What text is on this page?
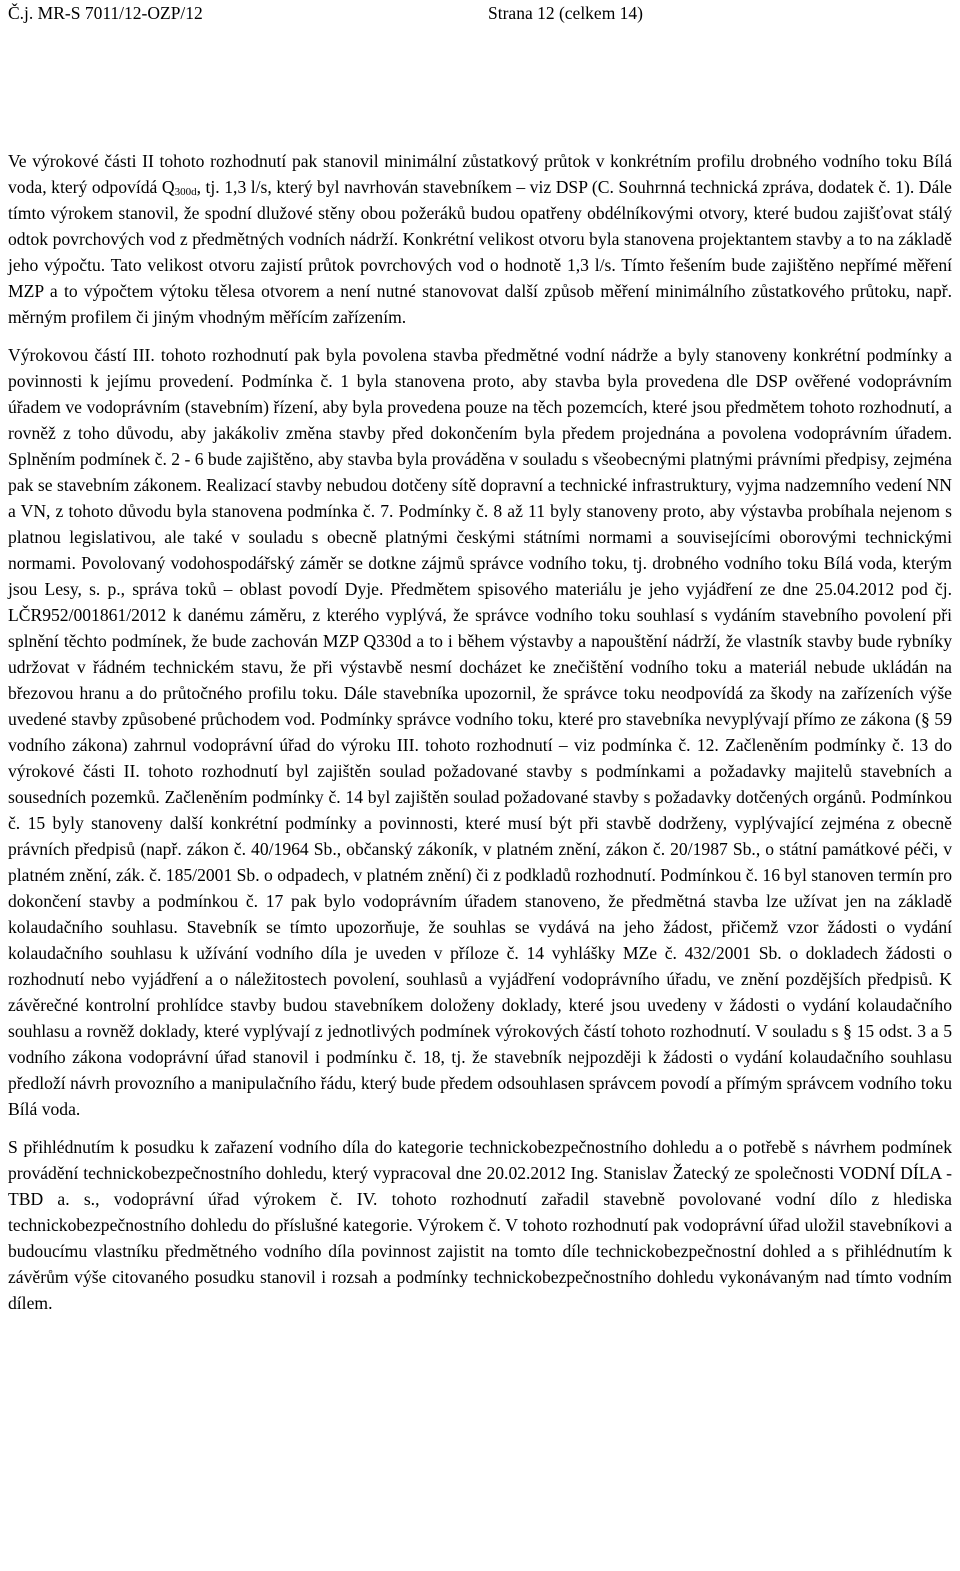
Č.j. MR-S 7011/12-OZP/12	Strana 12 (celkem 14)

Ve výrokové části II tohoto rozhodnutí pak stanovil minimální zůstatkový průtok v konkrétním profilu drobného vodního toku Bílá voda, který odpovídá $Q_{300d}$, tj. 1,3 l/s, který byl navrhován stavebníkem – viz DSP (C. Souhrnná technická zpráva, dodatek č. 1). Dále tímto výrokem stanovil, že spodní dlužové stěny obou požeráků budou opatřeny obdélníkovými otvory, které budou zajišťovat stálý odtok povrchových vod z předmětných vodních nádrží. Konkrétní velikost otvoru byla stanovena projektantem stavby a to na základě jeho výpočtu. Tato velikost otvoru zajistí průtok povrchových vod o hodnotě 1,3 l/s. Tímto řešením bude zajištěno nepřímé měření MZP a to výpočtem výtoku tělesa otvorem a není nutné stanovovat další způsob měření minimálního zůstatkového průtoku, např. měrným profilem či jiným vhodným měřícím zařízením.

Výrokovou částí III. tohoto rozhodnutí pak byla povolena stavba předmětné vodní nádrže a byly stanoveny konkrétní podmínky a povinnosti k jejímu provedení. Podmínka č. 1 byla stanovena proto, aby stavba byla provedena dle DSP ověřené vodoprávním úřadem ve vodoprávním (stavebním) řízení, aby byla provedena pouze na těch pozemcích, které jsou předmětem tohoto rozhodnutí, a rovněž z toho důvodu, aby jakákoliv změna stavby před dokončením byla předem projednána a povolena vodoprávním úřadem. Splněním podmínek č. 2 - 6 bude zajištěno, aby stavba byla prováděna v souladu s všeobecnými platnými právními předpisy, zejména pak se stavebním zákonem. Realizací stavby nebudou dotčeny sítě dopravní a technické infrastruktury, vyjma nadzemního vedení NN a VN, z tohoto důvodu byla stanovena podmínka č. 7. Podmínky č. 8 až 11 byly stanoveny proto, aby výstavba probíhala nejenom s platnou legislativou, ale také v souladu s obecně platnými českými státními normami a souvisejícími oborovými technickými normami. Povolovaný vodohospodářský záměr se dotkne zájmů správce vodního toku, tj. drobného vodního toku Bílá voda, kterým jsou Lesy, s. p., správa toků – oblast povodí Dyje. Předmětem spisového materiálu je jeho vyjádření ze dne 25.04.2012 pod čj. LČR952/001861/2012 k danému záměru, z kterého vyplývá, že správce vodního toku souhlasí s vydáním stavebního povolení při splnění těchto podmínek, že bude zachován MZP Q330d a to i během výstavby a napouštění nádrží, že vlastník stavby bude rybníky udržovat v řádném technickém stavu, že při výstavbě nesmí docházet ke znečištění vodního toku a materiál nebude ukládán na březovou hranu a do průtočného profilu toku. Dále stavebníka upozornil, že správce toku neodpovídá za škody na zařízeních výše uvedené stavby způsobené průchodem vod. Podmínky správce vodního toku, které pro stavebníka nevyplývají přímo ze zákona (§ 59 vodního zákona) zahrnul vodoprávní úřad do výroku III. tohoto rozhodnutí – viz podmínka č. 12. Začleněním podmínky č. 13 do výrokové části II. tohoto rozhodnutí byl zajištěn soulad požadované stavby s podmínkami a požadavky majitelů stavebních a sousedních pozemků. Začleněním podmínky č. 14 byl zajištěn soulad požadované stavby s požadavky dotčených orgánů. Podmínkou č. 15 byly stanoveny další konkrétní podmínky a povinnosti, které musí být při stavbě dodrženy, vyplývající zejména z obecně právních předpisů (např. zákon č. 40/1964 Sb., občanský zákoník, v platném znění, zákon č. 20/1987 Sb., o státní památkové péči, v platném znění, zák. č. 185/2001 Sb. o odpadech, v platném znění) či z podkladů rozhodnutí. Podmínkou č. 16 byl stanoven termín pro dokončení stavby a podmínkou č. 17 pak bylo vodoprávním úřadem stanoveno, že předmětná stavba lze užívat jen na základě kolaudačního souhlasu. Stavebník se tímto upozorňuje, že souhlas se vydává na jeho žádost, přičemž vzor žádosti o vydání kolaudačního souhlasu k užívání vodního díla je uveden v příloze č. 14 vyhlášky MZe č. 432/2001 Sb. o dokladech žádosti o rozhodnutí nebo vyjádření a o náležitostech povolení, souhlasů a vyjádření vodoprávního úřadu, ve znění pozdějších předpisů. K závěrečné kontrolní prohlídce stavby budou stavebníkem doloženy doklady, které jsou uvedeny v žádosti o vydání kolaudačního souhlasu a rovněž doklady, které vyplývají z jednotlivých podmínek výrokových částí tohoto rozhodnutí. V souladu s § 15 odst. 3 a 5 vodního zákona vodoprávní úřad stanovil i podmínku č. 18, tj. že stavebník nejpozději k žádosti o vydání kolaudačního souhlasu předloží návrh provozního a manipulačního řádu, který bude předem odsouhlasen správcem povodí a přímým správcem vodního toku Bílá voda.

S přihlédnutím k posudku k zařazení vodního díla do kategorie technickobezpečnostního dohledu a o potřebě s návrhem podmínek provádění technickobezpečnostního dohledu, který vypracoval dne 20.02.2012 Ing. Stanislav Žatecký ze společnosti VODNÍ DÍLA - TBD a. s., vodoprávní úřad výrokem č. IV. tohoto rozhodnutí zařadil stavebně povolované vodní dílo z hlediska technickobezpečnostního dohledu do příslušné kategorie. Výrokem č. V tohoto rozhodnutí pak vodoprávní úřad uložil stavebníkovi a budoucímu vlastníku předmětného vodního díla povinnost zajistit na tomto díle technickobezpečnostní dohled a s přihlédnutím k závěrům výše citovaného posudku stanovil i rozsah a podmínky technickobezpečnostního dohledu vykonávaným nad tímto vodním dílem.
